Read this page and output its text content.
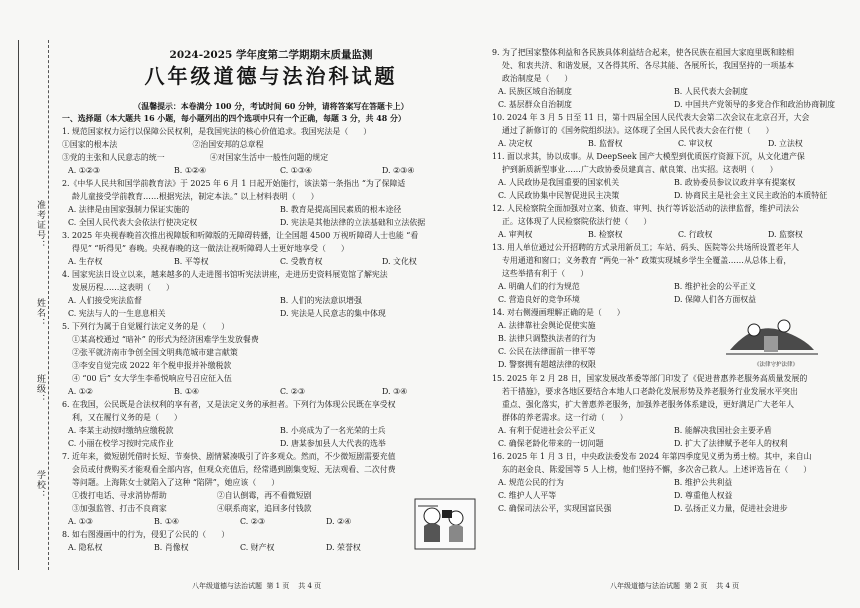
准考证号：
姓名：
班级：
学校：
2024-2025 学年度第二学期期末质量监测
八年级道德与法治科试题
（温馨提示：本卷满分 100 分，考试时间 60 分钟，请将答案写在答题卡上）
一、选择题（本大题共 16 小题，每小题列出的四个选项中只有一个正确，每题 3 分，共 48 分）
1. 规范国家权力运行以保障公民权利，是我国宪法的核心价值追求。我国宪法是（      ）
①国家的根本法                              ②治国安邦的总章程
③党的主张和人民意志的统一                  ④对国家生活中一般性问题的规定
A. ①②③	B. ①②④	C. ①③④	D. ②③④
2.《中华人民共和国学前教育法》于 2025 年 6 月 1 日起开始施行，该法第一条指出 “为了保障适
龄儿童接受学前教育……根据宪法，制定本法。” 以上材料表明（      ）
A. 法律是由国家强制力保证实施的	B. 教育是提高国民素质的根本途径
C. 全国人民代表大会依法行使决定权	D. 宪法是其他法律的立法基础和立法依据
3. 2025 年央视春晚首次推出视障版和听障版的无障碍转播，让全国超 4500 万视听障碍人士也能 “看
得见” “听得见” 春晚。央视春晚的这一做法让视听障碍人士更好地享受（      ）
A. 生存权	B. 平等权	C. 受教育权	D. 文化权
4. 国家宪法日设立以来，越来越多的人走进图书馆听宪法讲座，走进历史资料展览馆了解宪法
发展历程……这表明（      ）
A. 人们接受宪法监督	B. 人们的宪法意识增强
C. 宪法与人的一生息息相关	D. 宪法是人民意志的集中体现
5. 下列行为属于自觉履行法定义务的是（      ）
①某高校通过 “暗补” 的形式为经济困难学生发放餐费
②张平就济南市争创全国文明典范城市建言献策
③李安自觉完成 2022 年个税申报并补缴税款
④ “00 后” 女大学生李希悦响应号召应征入伍
A. ①②	B. ①④	C. ②③	D. ③④
6. 在我国，公民既是合法权利的享有者，又是法定义务的承担者。下列行为体现公民既在享受权
利，又在履行义务的是（      ）
A. 李某主动按时缴纳应缴税款	B. 小亮成为了一名光荣的士兵
C. 小丽在校学习按时完成作业	D. 唐某参加县人大代表的选举
7. 近年来，微短剧凭借时长短、节奏快、剧情紧凑吸引了许多观众。然而，不少微短剧需要充值
会员或付费购买才能观看全部内容，但观众充值后，经常遇到剧集变短、无法观看、二次付费
等问题。上海陈女士就陷入了这种 “陷阱”，她应该（      ）
①拨打电话、寻求消协帮助                    ②自认倒霉，再不看微短剧
③加强监管、打击不良商家                    ④联系商家，追回多付钱款
A. ①③	B. ①④	C. ②③	D. ②④
8. 如右图漫画中的行为，侵犯了公民的（      ）
A. 隐私权	B. 肖像权	C. 财产权	D. 荣誉权
八年级道德与法治试题  第 1 页    共 4 页
9. 为了把国家整体利益和各民族具体利益结合起来，使各民族在祖国大家庭里既和睦相
处、和衷共济、和谐发展，又各得其所、各尽其能、各展所长，我国坚持的一项基本
政治制度是（      ）
A. 民族区域自治制度	B. 人民代表大会制度
C. 基层群众自治制度	D. 中国共产党领导的多党合作和政治协商制度
10. 2024 年 3 月 5 日至 11 日，第十四届全国人民代表大会第二次会议在北京召开，大会
通过了新修订的《国务院组织法》。这体现了全国人民代表大会在行使（      ）
A. 决定权	B. 监督权	C. 审议权	D. 立法权
11. 面以求其，协以成事。从 DeepSeek 国产大模型到优质医疗资源下沉，从文化遗产保
护到新质新型事业……广大政协委员建真言、献良策、出实招。这表明（      ）
A. 人民政协是我国重要的国家机关	B. 政协委员参议议政并享有提案权
C. 人民政协集中民智促进民主决策	D. 协商民主是社会主义民主政治的本质特征
12. 人民检察院全面加强对立案、侦查、审判、执行等诉讼活动的法律监督，维护司法公
正。这体现了人民检察院依法行使（      ）
A. 审判权	B. 检察权	C. 行政权	D. 监察权
13. 用人单位通过公开招聘的方式录用新员工；车站、码头、医院等公共场所设置老年人
专用通道和窗口；义务教育 “两免一补” 政策实现城乡学生全覆盖……从总体上看，
这些举措有利于（      ）
A. 明确人们的行为规范	B. 维护社会的公平正义
C. 营造良好的竞争环境	D. 保障人们各方面权益
14. 对右侧漫画理解正确的是（      ）
A. 法律靠社会舆论促使实施
B. 法律只调整执法者的行为
C. 公民在法律面前一律平等
D. 警察拥有超越法律的权限	《法律守护法律》
15. 2025 年 2 月 28 日，国家发展改革委等部门印发了《促进普惠养老服务高质量发展的
若干措施》，要求各地区要结合本地人口老龄化发展形势及养老服务行业发展水平突出
重点、强化落实，扩大普惠养老服务，加强养老服务体系建设，更好满足广大老年人
群体的养老需求。这一行动（      ）
A. 有利于促进社会公平正义	B. 能解决我国社会主要矛盾
C. 确保老龄化带来的一切问题	D. 扩大了法律赋予老年人的权利
16. 2025 年 1 月 3 日，中央政法委发布 2024 年第四季度见义勇为勇士榜。其中，来自山
东的赵金良、陈爱国等 5 人上榜，他们坚持不懈，多次舍己救人。上述评选旨在（      ）
A. 规范公民的行为	B. 维护公共利益
C. 维护人人平等	D. 尊重他人权益
C. 确保司法公平，实现国富民强	D. 弘扬正义力量，促进社会进步
八年级道德与法治试题  第 2 页    共 4 页
